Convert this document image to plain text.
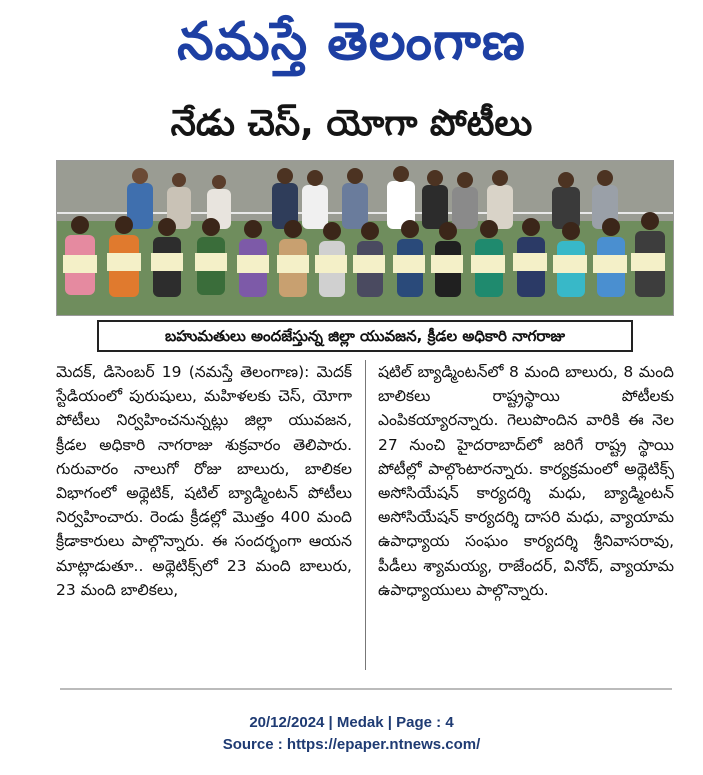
నమస్తే తెలంగాణ
నేడు చెస్, యోగా పోటీలు
బహుమతులు అందజేస్తున్న జిల్లా యువజన, క్రీడల అధికారి నాగరాజు

మెదక్, డిసెంబర్ 19 (నమస్తే తెలంగాణ): మెదక్ స్టేడియంలో పురుషులు, మహిళలకు చెస్, యోగా పోటీలు నిర్వహించనున్నట్లు జిల్లా యువజన, క్రీడల అధికారి నాగరాజు శుక్రవారం తెలిపారు. గురువారం నాలుగో రోజు బాలురు, బాలికల విభాగంలో అథ్లెటిక్, షటిల్ బ్యాడ్మింటన్ పోటీలు నిర్వహించారు. రెండు క్రీడల్లో మొత్తం 400 మంది క్రీడాకారులు పాల్గొన్నారు. ఈ సందర్భంగా ఆయన మాట్లాడుతూ.. అథ్లెటిక్స్‌లో 23 మంది బాలురు, 23 మంది బాలికలు,

షటిల్ బ్యాడ్మింటన్‌లో 8 మంది బాలురు, 8 మంది బాలికలు రాష్ట్రస్థాయి పోటీలకు ఎంపికయ్యారన్నారు. గెలుపొందిన వారికి ఈ నెల 27 నుంచి హైదరాబాద్‌లో జరిగే రాష్ట్ర స్థాయి పోటీల్లో పాల్గొంటారన్నారు. కార్యక్రమంలో అథ్లెటిక్స్ అసోసియేషన్ కార్యదర్శి మధు, బ్యాడ్మింటన్ అసోసియేషన్ కార్యదర్శి దాసరి మధు, వ్యాయామ ఉపాధ్యాయ సంఘం కార్యదర్శి శ్రీనివాసరావు, పీడీలు శ్యామయ్య, రాజేందర్, వినోద్, వ్యాయామ ఉపాధ్యాయులు పాల్గొన్నారు.

20/12/2024 | Medak | Page : 4
Source : https://epaper.ntnews.com/
